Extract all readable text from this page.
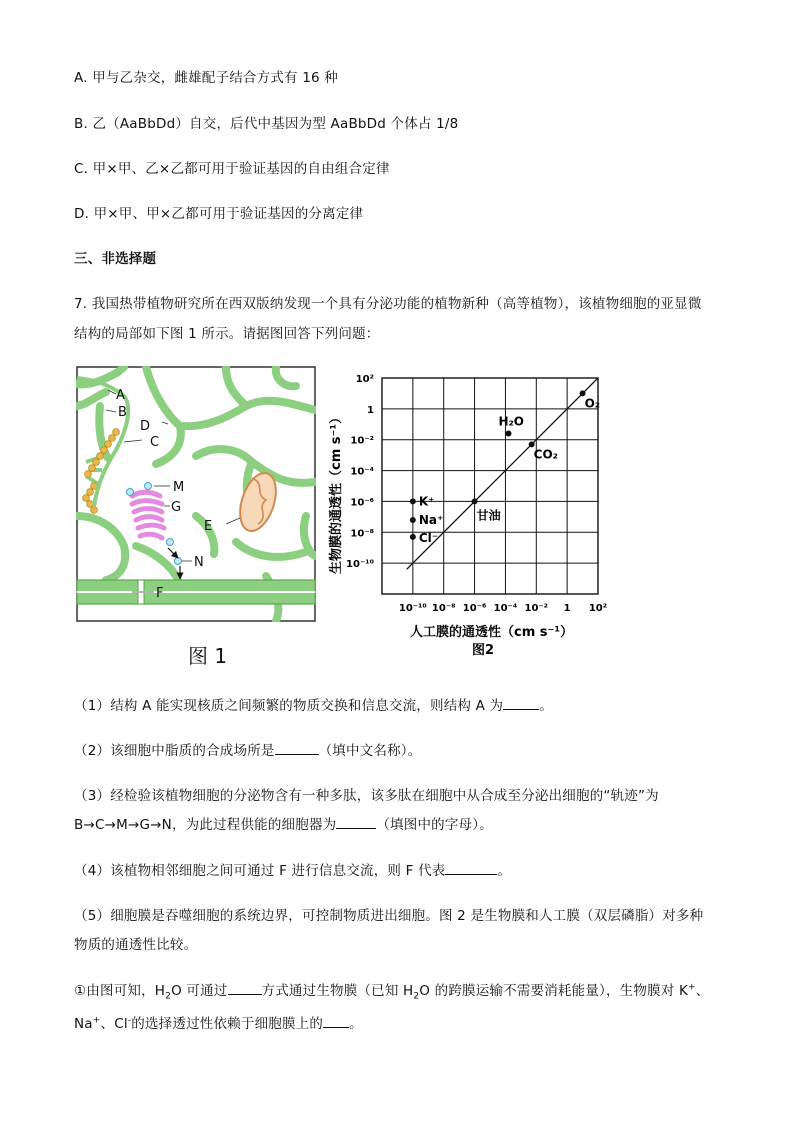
A. 甲与乙杂交，雌雄配子结合方式有 16 种
B. 乙（AaBbDd）自交，后代中基因为型 AaBbDd 个体占 1/8
C. 甲×甲、乙×乙都可用于验证基因的自由组合定律
D. 甲×甲、甲×乙都可用于验证基因的分离定律
三、非选择题
7. 我国热带植物研究所在西双版纳发现一个具有分泌功能的植物新种（高等植物），该植物细胞的亚显微
结构的局部如下图 1 所示。请据图回答下列问题：
A
B
C
D
M
G
E
N
F
图 1
10⁻¹⁰ 10⁻⁸ 10⁻⁶ 10⁻⁴ 10⁻² 1 10²
10²
1
10⁻²
10⁻⁴
10⁻⁶
10⁻⁸
10⁻¹⁰
O₂
H₂O
CO₂
K⁺
Na⁺
Cl⁻
甘油
人工膜的通透性（cm s⁻¹）
生物膜的通透性（cm s⁻¹）
图2
（1）结构 A 能实现核质之间频繁的物质交换和信息交流，则结构 A 为	。
（2）该细胞中脂质的合成场所是	（填中文名称）。
（3）经检验该植物细胞的分泌物含有一种多肽，该多肽在细胞中从合成至分泌出细胞的“轨迹”为
B→C→M→G→N，为此过程供能的细胞器为	（填图中的字母）。
（4）该植物相邻细胞之间可通过 F 进行信息交流，则 F 代表	。
（5）细胞膜是吞噬细胞的系统边界，可控制物质进出细胞。图 2 是生物膜和人工膜（双层磷脂）对多种
物质的通透性比较。
①由图可知，$H_2O$ 可通过	方式通过生物膜（已知 $H_2O$ 的跨膜运输不需要消耗能量），生物膜对 K+、
Na+、Cl-的选择透过性依赖于细胞膜上的 。
